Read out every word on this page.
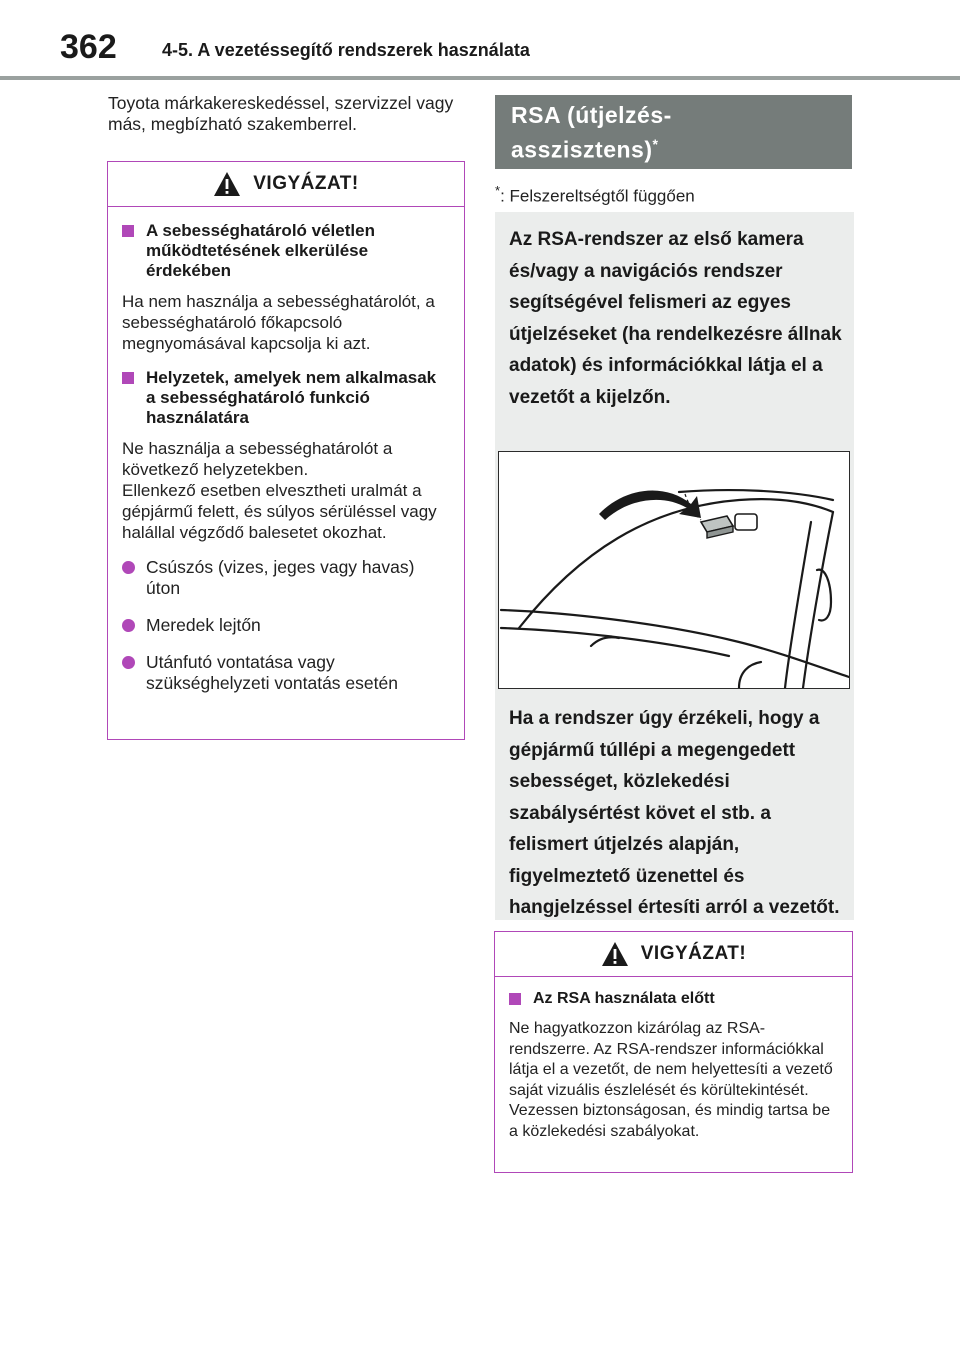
362	4-5. A vezetéssegítő rendszerek használata
Toyota márkakereskedéssel, szervizzel vagy más, megbízható szakemberrel.
VIGYÁZAT!
A sebességhatároló véletlen működtetésének elkerülése érdekében

Ha nem használja a sebességhatárolót, a sebességhatároló főkapcsoló megnyomásával kapcsolja ki azt.

Helyzetek, amelyek nem alkalmasak a sebességhatároló funkció használatára

Ne használja a sebességhatárolót a következő helyzetekben.

Ellenkező esetben elvesztheti uralmát a gépjármű felett, és súlyos sérüléssel vagy halállal végződő balesetet okozhat.

Csúszós (vizes, jeges vagy havas) úton
Meredek lejtőn
Utánfutó vontatása vagy szükséghelyzeti vontatás esetén
RSA (útjelzés-asszisztens)*
*: Felszereltségtől függően
Az RSA-rendszer az első kamera és/vagy a navigációs rendszer segítségével felismeri az egyes útjelzéseket (ha rendelkezésre állnak adatok) és információkkal látja el a vezetőt a kijelzőn.
Ha a rendszer úgy érzékeli, hogy a gépjármű túllépi a megengedett sebességet, közlekedési szabálysértést követ el stb. a felismert útjelzés alapján, figyelmeztető üzenettel és hangjelzéssel értesíti arról a vezetőt.
VIGYÁZAT!
Az RSA használata előtt

Ne hagyatkozzon kizárólag az RSA-rendszerre. Az RSA-rendszer információkkal látja el a vezetőt, de nem helyettesíti a vezető saját vizuális észlelését és körültekintését. Vezessen biztonságosan, és mindig tartsa be a közlekedési szabályokat.
